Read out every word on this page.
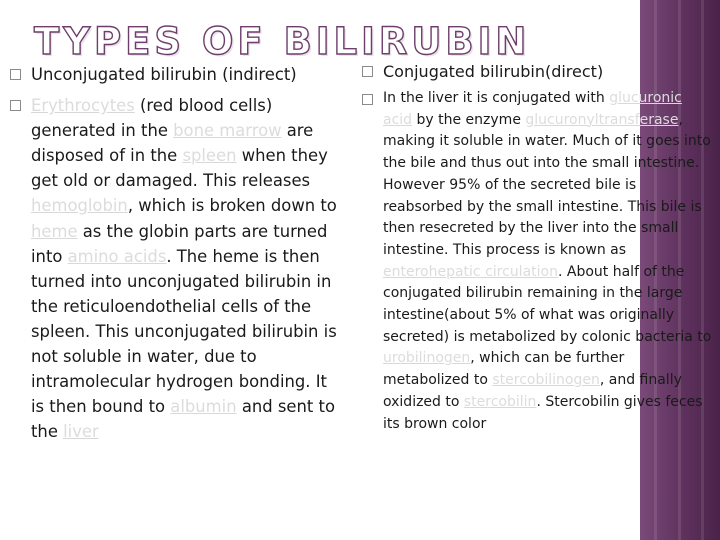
TYPES OF BILIRUBIN

Unconjugated bilirubin (indirect)

Erythrocytes (red blood cells) generated in the bone marrow are disposed of in the spleen when they get old or damaged. This releases hemoglobin, which is broken down to heme as the globin parts are turned into amino acids. The heme is then turned into unconjugated bilirubin in the reticuloendothelial cells of the spleen. This unconjugated bilirubin is not soluble in water, due to intramolecular hydrogen bonding. It is then bound to albumin and sent to the liver

Conjugated bilirubin(direct)

In the liver it is conjugated with glucuronic acid by the enzyme glucuronyltransferase, making it soluble in water. Much of it goes into the bile and thus out into the small intestine. However 95% of the secreted bile is reabsorbed by the small intestine. This bile is then resecreted by the liver into the small intestine. This process is known as enterohepatic circulation. About half of the conjugated bilirubin remaining in the large intestine(about 5% of what was originally secreted) is metabolized by colonic bacteria to urobilinogen, which can be further metabolized to stercobilinogen, and finally oxidized to stercobilin. Stercobilin gives feces its brown color
